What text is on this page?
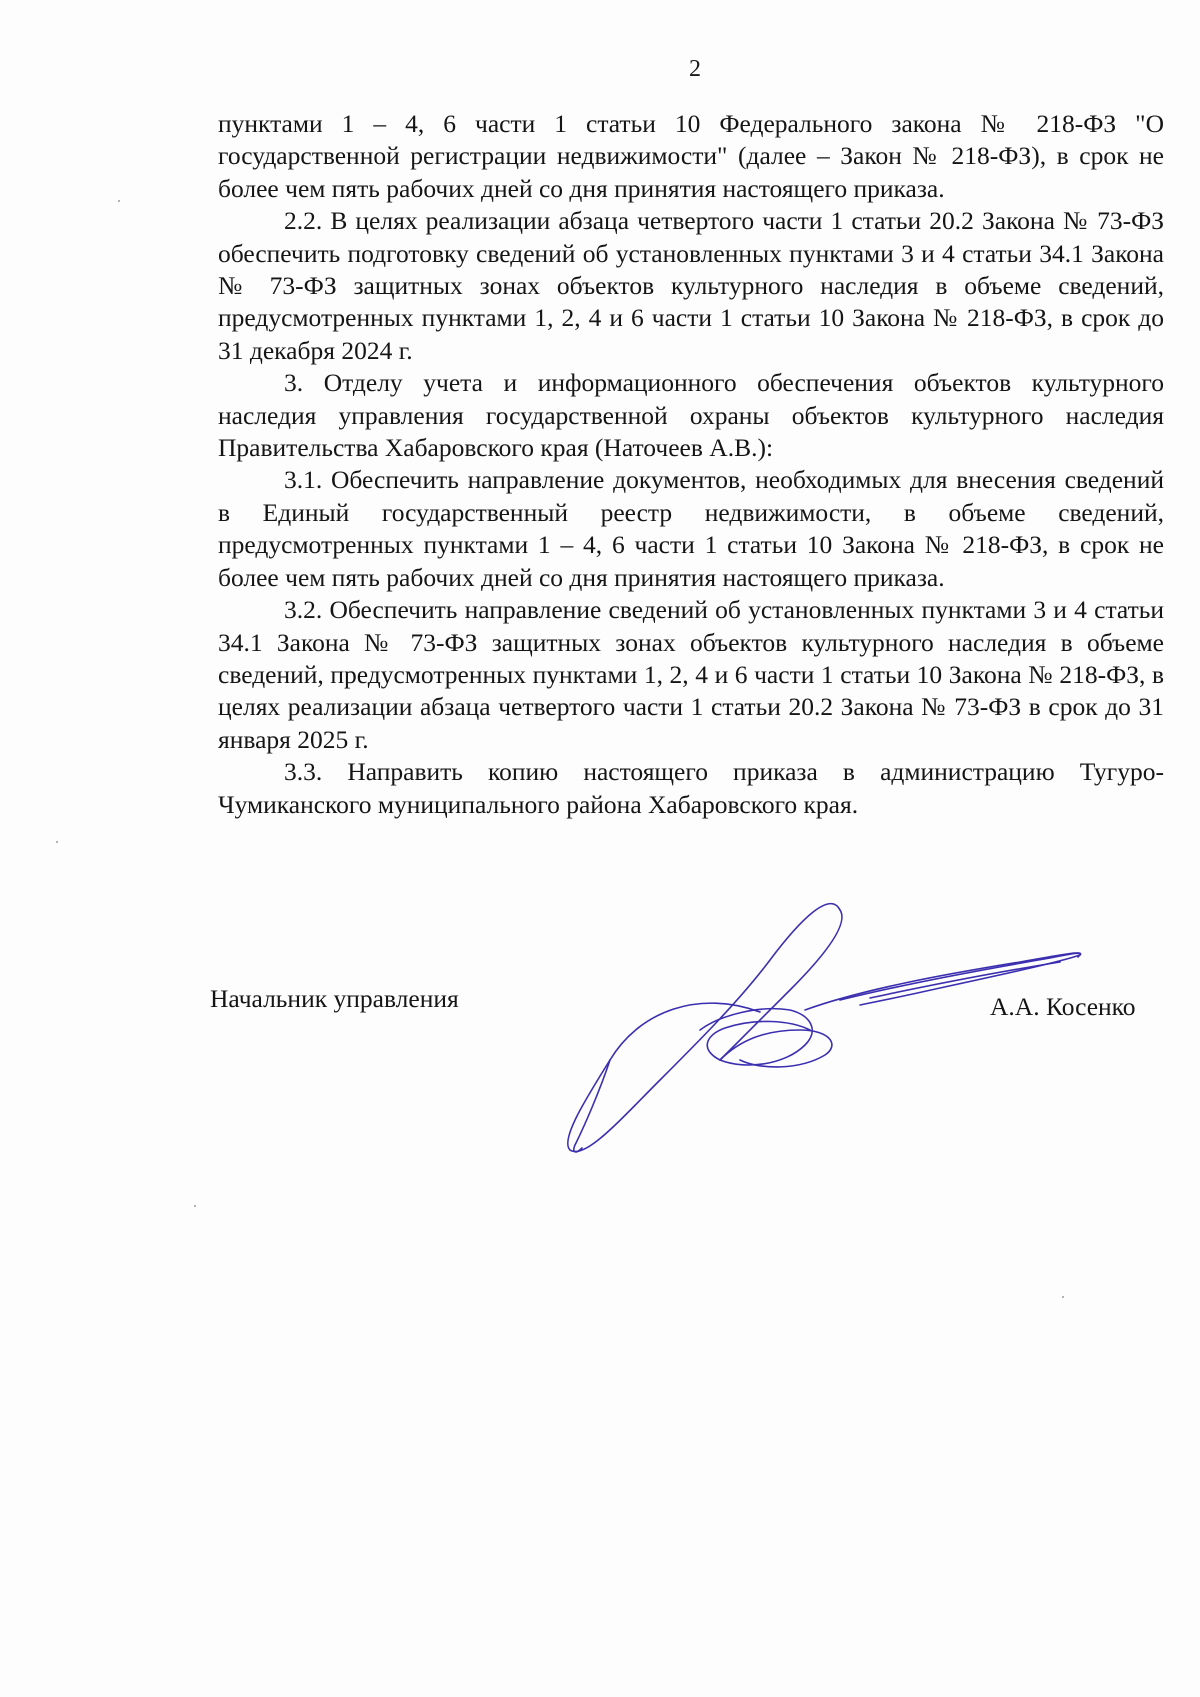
2

пунктами 1 – 4, 6 части 1 статьи 10 Федерального закона № 218-ФЗ "О государственной регистрации недвижимости" (далее – Закон № 218-ФЗ), в срок не более чем пять рабочих дней со дня принятия настоящего приказа.

2.2. В целях реализации абзаца четвертого части 1 статьи 20.2 Закона № 73-ФЗ обеспечить подготовку сведений об установленных пунктами 3 и 4 статьи 34.1 Закона № 73-ФЗ защитных зонах объектов культурного наследия в объеме сведений, предусмотренных пунктами 1, 2, 4 и 6 части 1 статьи 10 Закона № 218-ФЗ, в срок до 31 декабря 2024 г.

3. Отделу учета и информационного обеспечения объектов культурного наследия управления государственной охраны объектов культурного наследия Правительства Хабаровского края (Наточеев А.В.):

3.1. Обеспечить направление документов, необходимых для внесения сведений в Единый государственный реестр недвижимости, в объеме сведений, предусмотренных пунктами 1 – 4, 6 части 1 статьи 10 Закона № 218-ФЗ, в срок не более чем пять рабочих дней со дня принятия настоящего приказа.

3.2. Обеспечить направление сведений об установленных пунктами 3 и 4 статьи 34.1 Закона № 73-ФЗ защитных зонах объектов культурного наследия в объеме сведений, предусмотренных пунктами 1, 2, 4 и 6 части 1 статьи 10 Закона № 218-ФЗ, в целях реализации абзаца четвертого части 1 статьи 20.2 Закона № 73-ФЗ в срок до 31 января 2025 г.

3.3. Направить копию настоящего приказа в администрацию Тугуро-Чумиканского муниципального района Хабаровского края.

Начальник управления	А.А. Косенко
